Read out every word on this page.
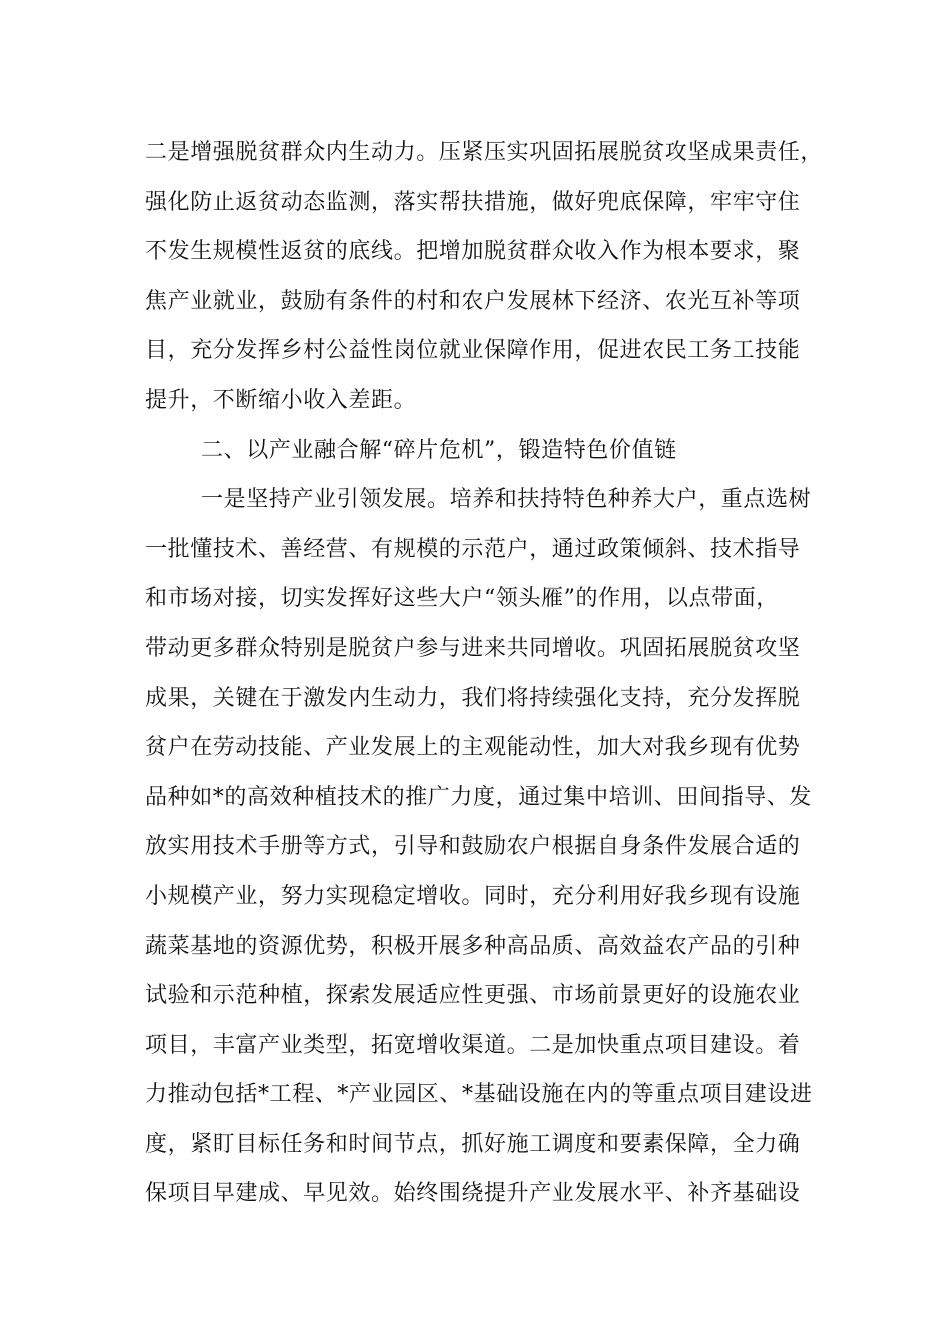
二是增强脱贫群众内生动力。压紧压实巩固拓展脱贫攻坚成果责任，
强化防止返贫动态监测，落实帮扶措施，做好兜底保障，牢牢守住
不发生规模性返贫的底线。把增加脱贫群众收入作为根本要求，聚
焦产业就业，鼓励有条件的村和农户发展林下经济、农光互补等项
目，充分发挥乡村公益性岗位就业保障作用，促进农民工务工技能
提升，不断缩小收入差距。
二、以产业融合解“碎片危机”，锻造特色价值链
一是坚持产业引领发展。培养和扶持特色种养大户，重点选树
一批懂技术、善经营、有规模的示范户，通过政策倾斜、技术指导
和市场对接，切实发挥好这些大户“领头雁”的作用，以点带面，
带动更多群众特别是脱贫户参与进来共同增收。巩固拓展脱贫攻坚
成果，关键在于激发内生动力，我们将持续强化支持，充分发挥脱
贫户在劳动技能、产业发展上的主观能动性，加大对我乡现有优势
品种如*的高效种植技术的推广力度，通过集中培训、田间指导、发
放实用技术手册等方式，引导和鼓励农户根据自身条件发展合适的
小规模产业，努力实现稳定增收。同时，充分利用好我乡现有设施
蔬菜基地的资源优势，积极开展多种高品质、高效益农产品的引种
试验和示范种植，探索发展适应性更强、市场前景更好的设施农业
项目，丰富产业类型，拓宽增收渠道。二是加快重点项目建设。着
力推动包括*工程、*产业园区、*基础设施在内的等重点项目建设进
度，紧盯目标任务和时间节点，抓好施工调度和要素保障，全力确
保项目早建成、早见效。始终围绕提升产业发展水平、补齐基础设
